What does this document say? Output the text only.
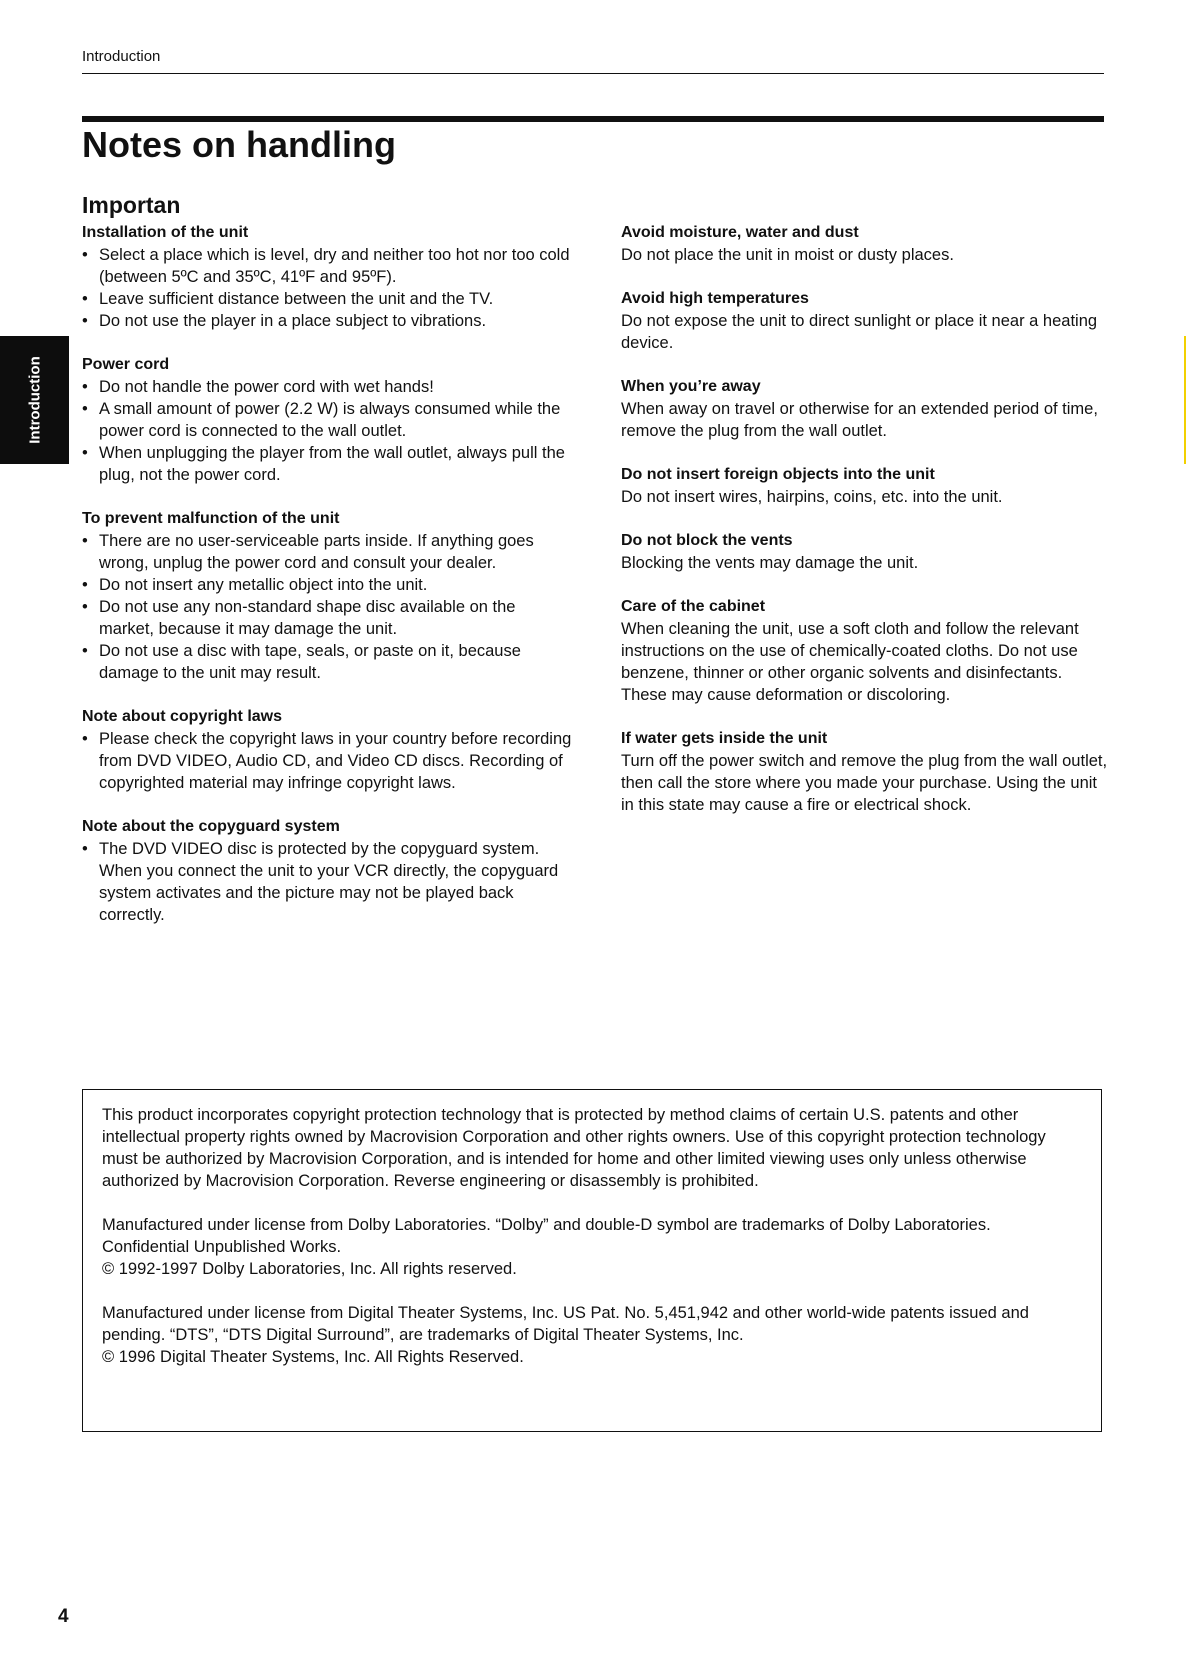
Introduction
Notes on handling
Importan
Introduction

Installation of the unit

• Select a place which is level, dry and neither too hot nor too cold (between 5ºC and 35ºC, 41ºF and 95ºF).
• Leave sufficient distance between the unit and the TV.
• Do not use the player in a place subject to vibrations.

Power cord

• Do not handle the power cord with wet hands!
• A small amount of power (2.2 W) is always consumed while the power cord is connected to the wall outlet.
• When unplugging the player from the wall outlet, always pull the plug, not the power cord.

To prevent malfunction of the unit

• There are no user-serviceable parts inside. If anything goes wrong, unplug the power cord and consult your dealer.
• Do not insert any metallic object into the unit.
• Do not use any non-standard shape disc available on the market, because it may damage the unit.
• Do not use a disc with tape, seals, or paste on it, because damage to the unit may result.

Note about copyright laws

• Please check the copyright laws in your country before recording from DVD VIDEO, Audio CD, and Video CD discs. Recording of copyrighted material may infringe copyright laws.

Note about the copyguard system

• The DVD VIDEO disc is protected by the copyguard system. When you connect the unit to your VCR directly, the copyguard system activates and the picture may not be played back correctly.

Avoid moisture, water and dust

Do not place the unit in moist or dusty places.

Avoid high temperatures

Do not expose the unit to direct sunlight or place it near a heating device.

When you’re away

When away on travel or otherwise for an extended period of time, remove the plug from the wall outlet.

Do not insert foreign objects into the unit

Do not insert wires, hairpins, coins, etc. into the unit.

Do not block the vents

Blocking the vents may damage the unit.

Care of the cabinet

When cleaning the unit, use a soft cloth and follow the relevant instructions on the use of chemically-coated cloths. Do not use benzene, thinner or other organic solvents and disinfectants. These may cause deformation or discoloring.

If water gets inside the unit

Turn off the power switch and remove the plug from the wall outlet, then call the store where you made your purchase. Using the unit in this state may cause a fire or electrical shock.

This product incorporates copyright protection technology that is protected by method claims of certain U.S. patents and other intellectual property rights owned by Macrovision Corporation and other rights owners. Use of this copyright protection technology must be authorized by Macrovision Corporation, and is intended for home and other limited viewing uses only unless otherwise authorized by Macrovision Corporation. Reverse engineering or disassembly is prohibited.

Manufactured under license from Dolby Laboratories. “Dolby” and double-D symbol are trademarks of Dolby Laboratories.
Confidential Unpublished Works.
© 1992-1997 Dolby Laboratories, Inc. All rights reserved.

Manufactured under license from Digital Theater Systems, Inc. US Pat. No. 5,451,942 and other world-wide patents issued and pending. “DTS”, “DTS Digital Surround”, are trademarks of Digital Theater Systems, Inc.
© 1996 Digital Theater Systems, Inc. All Rights Reserved.

4
